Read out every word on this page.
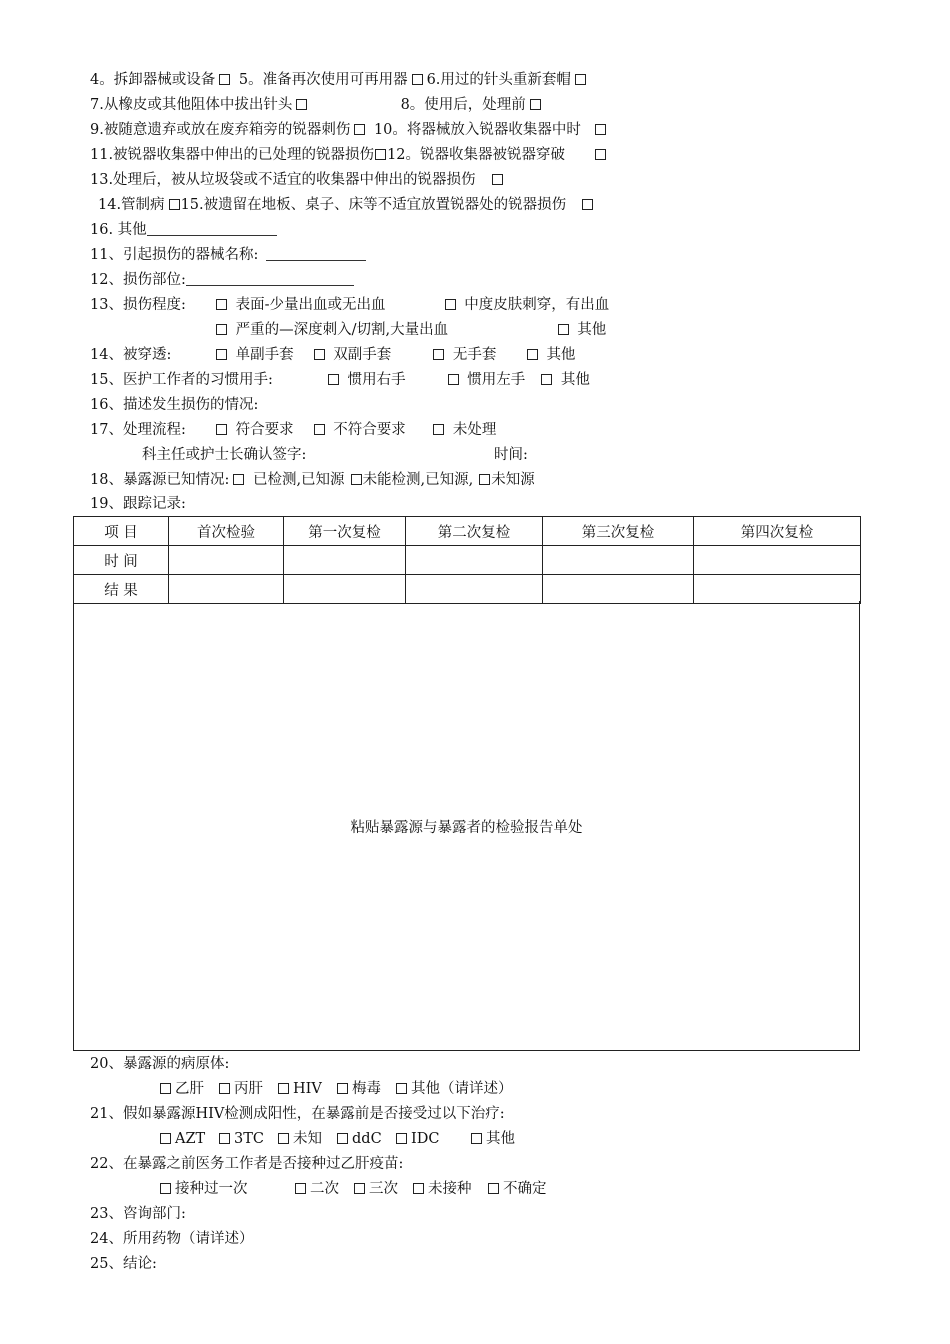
4。拆卸器械或设备 5。准备再次使用可再用器 6.用过的针头重新套帽
7.从橡皮或其他阻体中拔出针头	8。使用后，处理前
9.被随意遗弃或放在废弃箱旁的锐器刺伤 10。将器械放入锐器收集器中时
11.被锐器收集器中伸出的已处理的锐器损伤 12。锐器收集器被锐器穿破
13.处理后，被从垃圾袋或不适宜的收集器中伸出的锐器损伤
14.管制病 15.被遗留在地板、桌子、床等不适宜放置锐器处的锐器损伤
16. 其他
11、引起损伤的器械名称:
12、损伤部位:
13、损伤程度:	表面-少量出血或无出血	中度皮肤刺穿，有出血
严重的—深度刺入/切割,大量出血	其他
14、被穿透:	单副手套	双副手套	无手套	其他
15、医护工作者的习惯用手:	惯用右手	惯用左手 其他
16、描述发生损伤的情况:
17、处理流程:	符合要求	不符合要求	未处理
科主任或护士长确认签字:	时间:
18、暴露源已知情况: 已检测,已知源 未能检测,已知源, 未知源
19、跟踪记录:
项 目	首次检验	第一次复检	第二次复检	第三次复检	第四次复检
时 间					
结 果					
粘贴暴露源与暴露者的检验报告单处
20、暴露源的病原体:
乙肝 丙肝 HIV 梅毒 其他（请详述）
21、假如暴露源HIV检测成阳性，在暴露前是否接受过以下治疗:
AZT 3TC 未知 ddC IDC	其他
22、在暴露之前医务工作者是否接种过乙肝疫苗:
接种过一次	二次 三次 未接种 不确定
23、咨询部门:
24、所用药物（请详述）
25、结论:
